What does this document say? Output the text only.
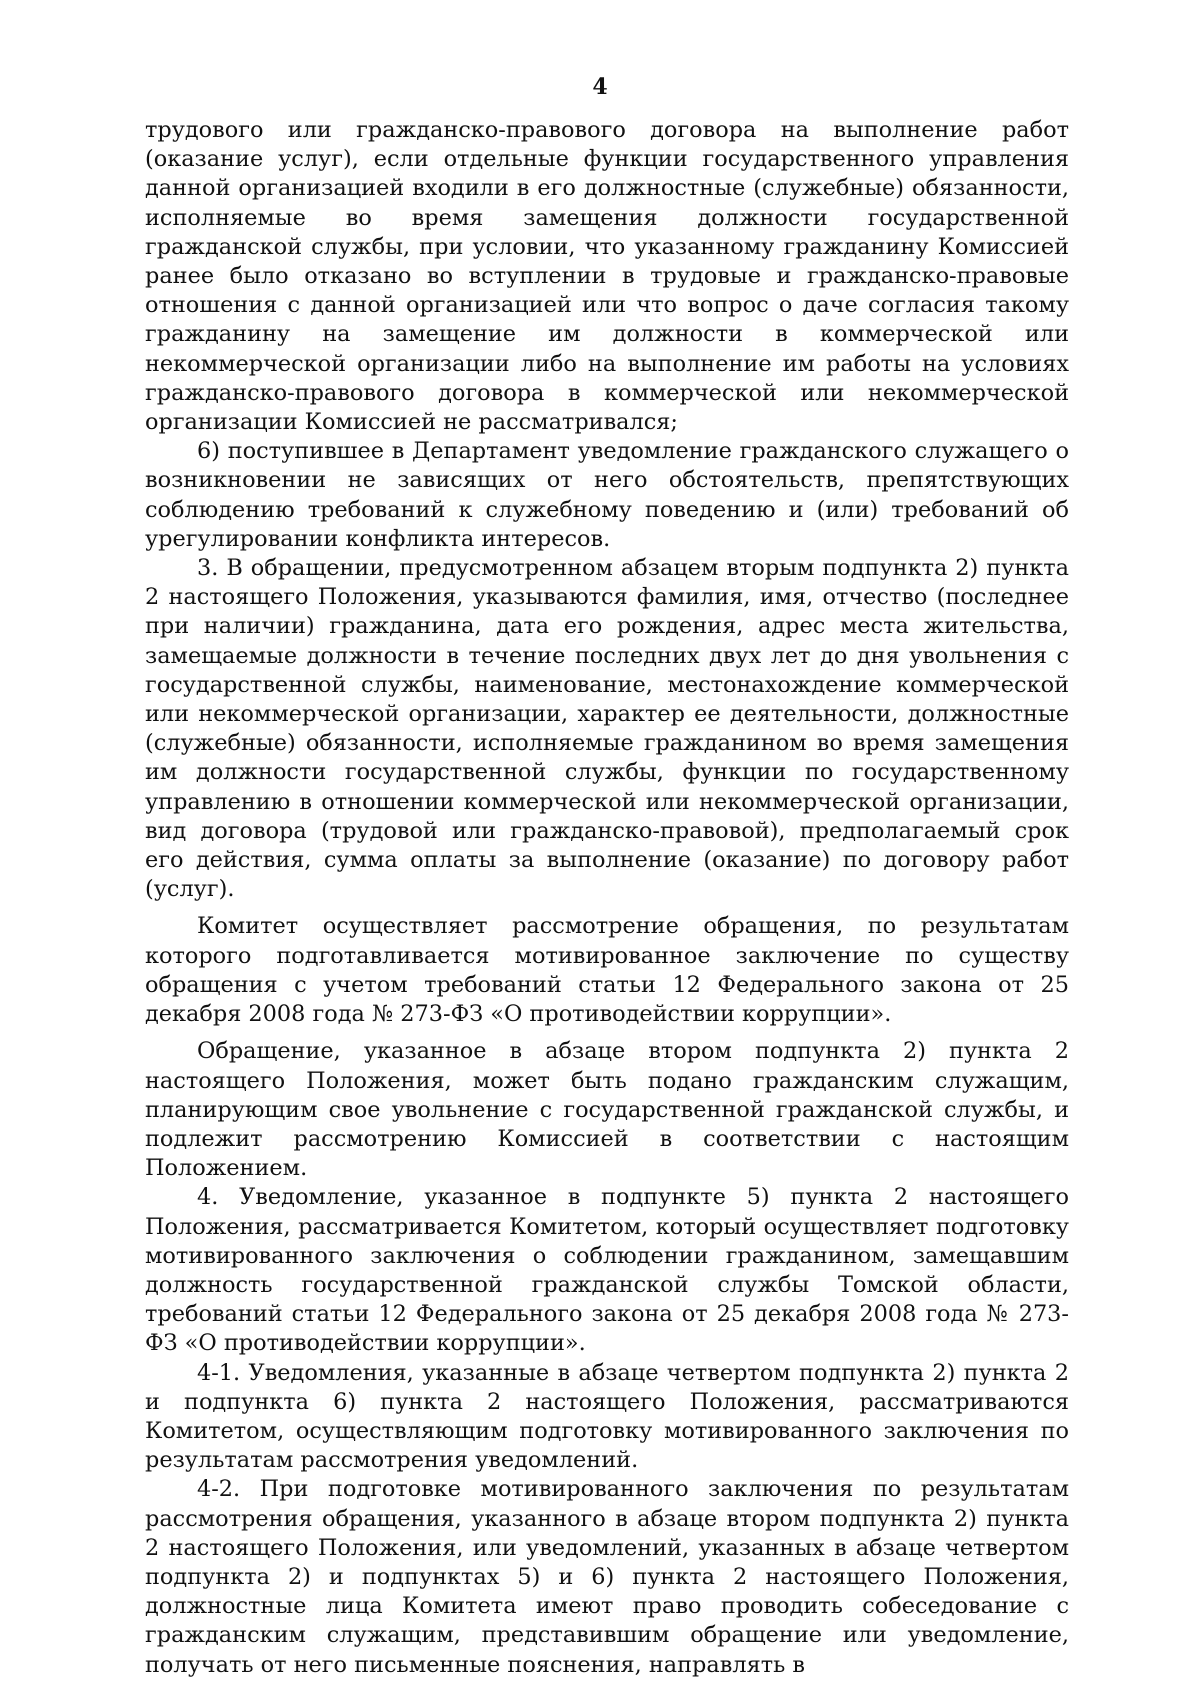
4

трудового или гражданско-правового договора на выполнение работ (оказание услуг), если отдельные функции государственного управления данной организацией входили в его должностные (служебные) обязанности, исполняемые во время замещения должности государственной гражданской службы, при условии, что указанному гражданину Комиссией ранее было отказано во вступлении в трудовые и гражданско-правовые отношения с данной организацией или что вопрос о даче согласия такому гражданину на замещение им должности в коммерческой или некоммерческой организации либо на выполнение им работы на условиях гражданско-правового договора в коммерческой или некоммерческой организации Комиссией не рассматривался;

6) поступившее в Департамент уведомление гражданского служащего о возникновении не зависящих от него обстоятельств, препятствующих соблюдению требований к служебному поведению и (или) требований об урегулировании конфликта интересов.

3. В обращении, предусмотренном абзацем вторым подпункта 2) пункта 2 настоящего Положения, указываются фамилия, имя, отчество (последнее при наличии) гражданина, дата его рождения, адрес места жительства, замещаемые должности в течение последних двух лет до дня увольнения с государственной службы, наименование, местонахождение коммерческой или некоммерческой организации, характер ее деятельности, должностные (служебные) обязанности, исполняемые гражданином во время замещения им должности государственной службы, функции по государственному управлению в отношении коммерческой или некоммерческой организации, вид договора (трудовой или гражданско-правовой), предполагаемый срок его действия, сумма оплаты за выполнение (оказание) по договору работ (услуг).

Комитет осуществляет рассмотрение обращения, по результатам которого подготавливается мотивированное заключение по существу обращения с учетом требований статьи 12 Федерального закона от 25 декабря 2008 года № 273-ФЗ «О противодействии коррупции».

Обращение, указанное в абзаце втором подпункта 2) пункта 2 настоящего Положения, может быть подано гражданским служащим, планирующим свое увольнение с государственной гражданской службы, и подлежит рассмотрению Комиссией в соответствии с настоящим Положением.

4. Уведомление, указанное в подпункте 5) пункта 2 настоящего Положения, рассматривается Комитетом, который осуществляет подготовку мотивированного заключения о соблюдении гражданином, замещавшим должность государственной гражданской службы Томской области, требований статьи 12 Федерального закона от 25 декабря 2008 года № 273-ФЗ «О противодействии коррупции».

4-1. Уведомления, указанные в абзаце четвертом подпункта 2) пункта 2 и подпункта 6) пункта 2 настоящего Положения, рассматриваются Комитетом, осуществляющим подготовку мотивированного заключения по результатам рассмотрения уведомлений.

4-2. При подготовке мотивированного заключения по результатам рассмотрения обращения, указанного в абзаце втором подпункта 2) пункта 2 настоящего Положения, или уведомлений, указанных в абзаце четвертом подпункта 2) и подпунктах 5) и 6) пункта 2 настоящего Положения, должностные лица Комитета имеют право проводить собеседование с гражданским служащим, представившим обращение или уведомление, получать от него письменные пояснения, направлять в
